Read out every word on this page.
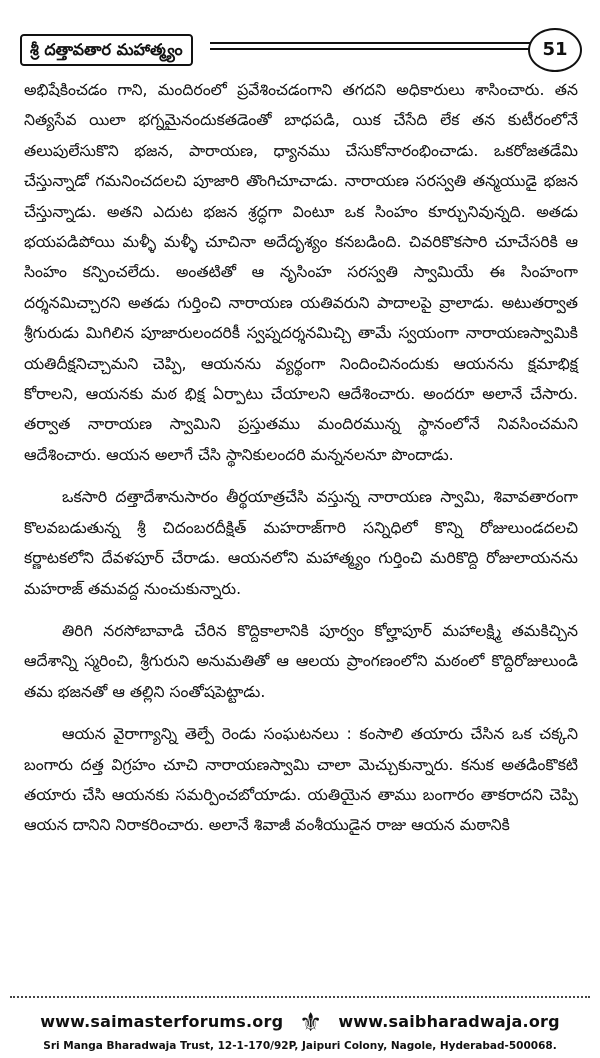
శ్రీ దత్తావతార మహాత్మ్యం	51

అభిషేకించడం గాని, మందిరంలో ప్రవేశించడంగాని తగదని అధికారులు శాసించారు. తన నిత్యసేవ యిలా భగ్నమైనందుకతడెంతో బాధపడి, యిక చేసేది లేక తన కుటీరంలోనే తలుపులేసుకొని భజన, పారాయణ, ధ్యానము చేసుకోనారంభించాడు. ఒకరోజతడేమి చేస్తున్నాడో గమనించదలచి పూజారి తొంగిచూచాడు. నారాయణ సరస్వతి తన్మయుడై భజన చేస్తున్నాడు. అతని ఎదుట భజన శ్రద్ధగా వింటూ ఒక సింహం కూర్చునివున్నది. అతడు భయపడిపోయి మళ్ళీ మళ్ళీ చూచినా అదేదృశ్యం కనబడింది. చివరికొకసారి చూచేసరికి ఆ సింహం కన్పించలేదు. అంతటితో ఆ నృసింహ సరస్వతి స్వామియే ఈ సింహంగా దర్శనమిచ్చారని అతడు గుర్తించి నారాయణ యతివరుని పాదాలపై వ్రాలాడు. అటుతర్వాత శ్రీగురుడు మిగిలిన పూజారులందరికీ స్వప్నదర్శనమిచ్చి తామే స్వయంగా నారాయణస్వామికి యతిదీక్షనిచ్చామని చెప్పి, ఆయనను వ్యర్థంగా నిందించినందుకు ఆయనను క్షమాభిక్ష కోరాలని, ఆయనకు మఠ భిక్ష ఏర్పాటు చేయాలని ఆదేశించారు. అందరూ అలానే చేసారు. తర్వాత నారాయణ స్వామిని ప్రస్తుతము మందిరమున్న స్థానంలోనే నివసించమని ఆదేశించారు. ఆయన అలాగే చేసి స్థానికులందరి మన్ననలనూ పొందాడు.

ఒకసారి దత్తాదేశానుసారం తీర్థయాత్రచేసి వస్తున్న నారాయణ స్వామి, శివావతారంగా కొలవబడుతున్న శ్రీ చిదంబరదీక్షిత్ మహరాజ్‌గారి సన్నిధిలో కొన్ని రోజులుండదలచి కర్ణాటకలోని దేవళపూర్ చేరాడు. ఆయనలోని మహాత్మ్యం గుర్తించి మరికొద్ది రోజులాయనను మహరాజ్ తమవద్ద నుంచుకున్నారు.

తిరిగి నరసోబావాడి చేరిన కొద్దికాలానికి పూర్వం కోల్హాపూర్ మహాలక్ష్మి తమకిచ్చిన ఆదేశాన్ని స్మరించి, శ్రీగురుని అనుమతితో ఆ ఆలయ ప్రాంగణంలోని మఠంలో కొద్దిరోజులుండి తమ భజనతో ఆ తల్లిని సంతోషపెట్టాడు.

ఆయన వైరాగ్యాన్ని తెల్పే రెండు సంఘటనలు : కంసాలి తయారు చేసిన ఒక చక్కని బంగారు దత్త విగ్రహం చూచి నారాయణస్వామి చాలా మెచ్చుకున్నారు. కనుక అతడింకొకటి తయారు చేసి ఆయనకు సమర్పించబోయాడు. యతియైన తాము బంగారం తాకరాదని చెప్పి ఆయన దానిని నిరాకరించారు. అలానే శివాజీ వంశీయుడైన రాజు ఆయన మఠానికి

www.saimasterforums.org ⚜ www.saibharadwaja.org
Sri Manga Bharadwaja Trust, 12-1-170/92P, Jaipuri Colony, Nagole, Hyderabad-500068.
